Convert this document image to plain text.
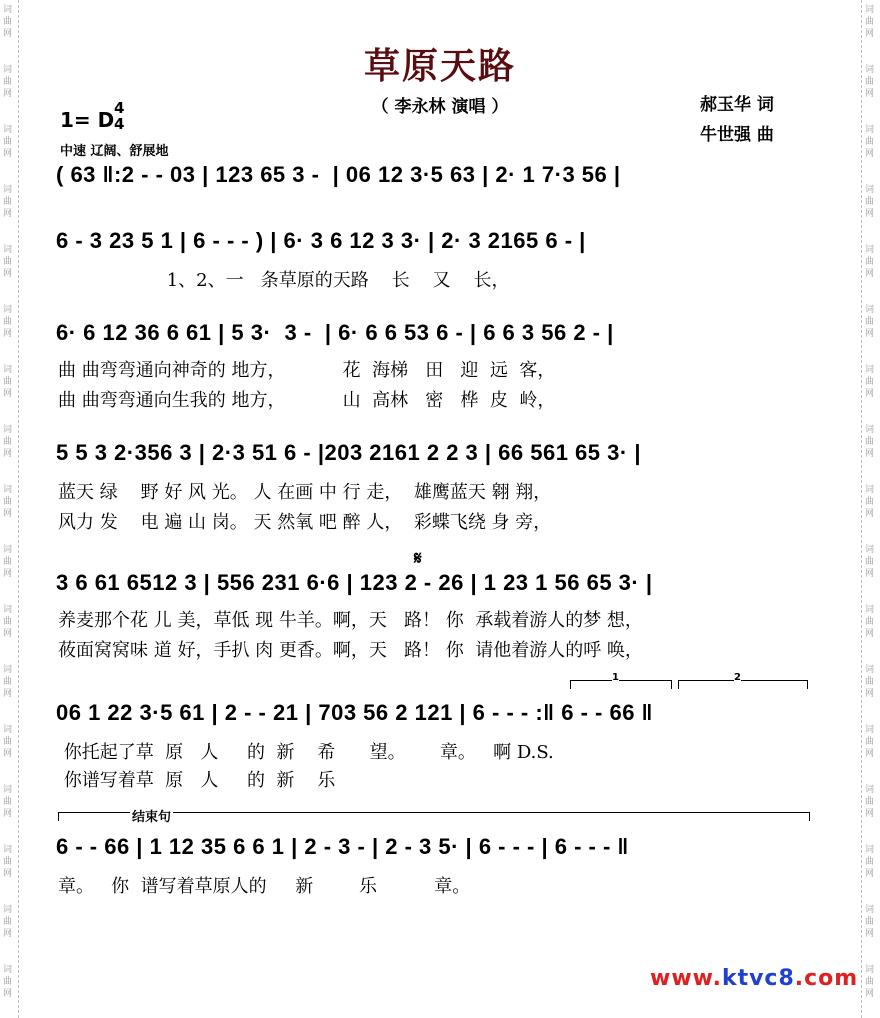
词曲网
词曲网
词曲网
词曲网
词曲网
词曲网
词曲网
词曲网
词曲网
词曲网
词曲网
词曲网
词曲网
词曲网
词曲网
词曲网
词曲网
词曲网
词曲网
词曲网
词曲网
词曲网
词曲网
词曲网
词曲网
词曲网
词曲网
词曲网
词曲网
词曲网
词曲网
词曲网
词曲网
词曲网
草原天路
（ 李永林 演唱 ）	郝玉华 词
牛世强 曲
1= D 4
4
中速 辽阔、舒展地
( 63 ‖:2 - - 03 | 123 65 3 -  | 06 12 3·5 63 | 2· 1 7·3 56 |
6 - 3 23 5 1 | 6 - - - ) | 6· 3 6 12 3 3· | 2· 3 2165 6 - |
1、2、一   条草原的天路    长    又    长，
6· 6 12 36 6 61 | 5 3·  3 -  | 6· 6 6 53 6 - | 6 6 3 56 2 - |
曲 曲弯弯通向神奇的 地方，          花  海梯   田   迎  远  客，
曲 曲弯弯通向生我的 地方，          山  高林   密   桦  皮  岭，
5 5 3 2·356 3 | 2·3 51 6 - |203 2161 2 2 3 | 66 561 65 3· |
蓝天 绿    野 好 风 光。 人 在画 中 行 走，  雄鹰蓝天 翱 翔，
风力 发    电 遍 山 岗。 天 然氧 吧 醉 人，  彩蝶飞绕 身 旁，
𝄋
3 6 61 6512 3 | 556 231 6·6 | 123 2 - 26 | 1 23 1 56 65 3· |
养麦那个花 儿 美，草低 现 牛羊。啊，天   路！ 你  承载着游人的梦 想，
莜面窝窝味 道 好，手扒 肉 更香。啊，天   路！ 你  请他着游人的呼 唤，
1	2
06 1 22 3·5 61 | 2 - - 21 | 703 56 2 121 | 6 - - - :‖ 6 - - 66 ‖
你托起了草  原   人     的  新    希      望。      章。   啊 D.S.
你谱写着草  原   人     的  新    乐
结束句
6 - - 66 | 1 12 35 6 6 1 | 2 - 3 - | 2 - 3 5· | 6 - - - | 6 - - - ‖
章。   你  谱写着草原人的     新        乐          章。
www.ktvc8.com
